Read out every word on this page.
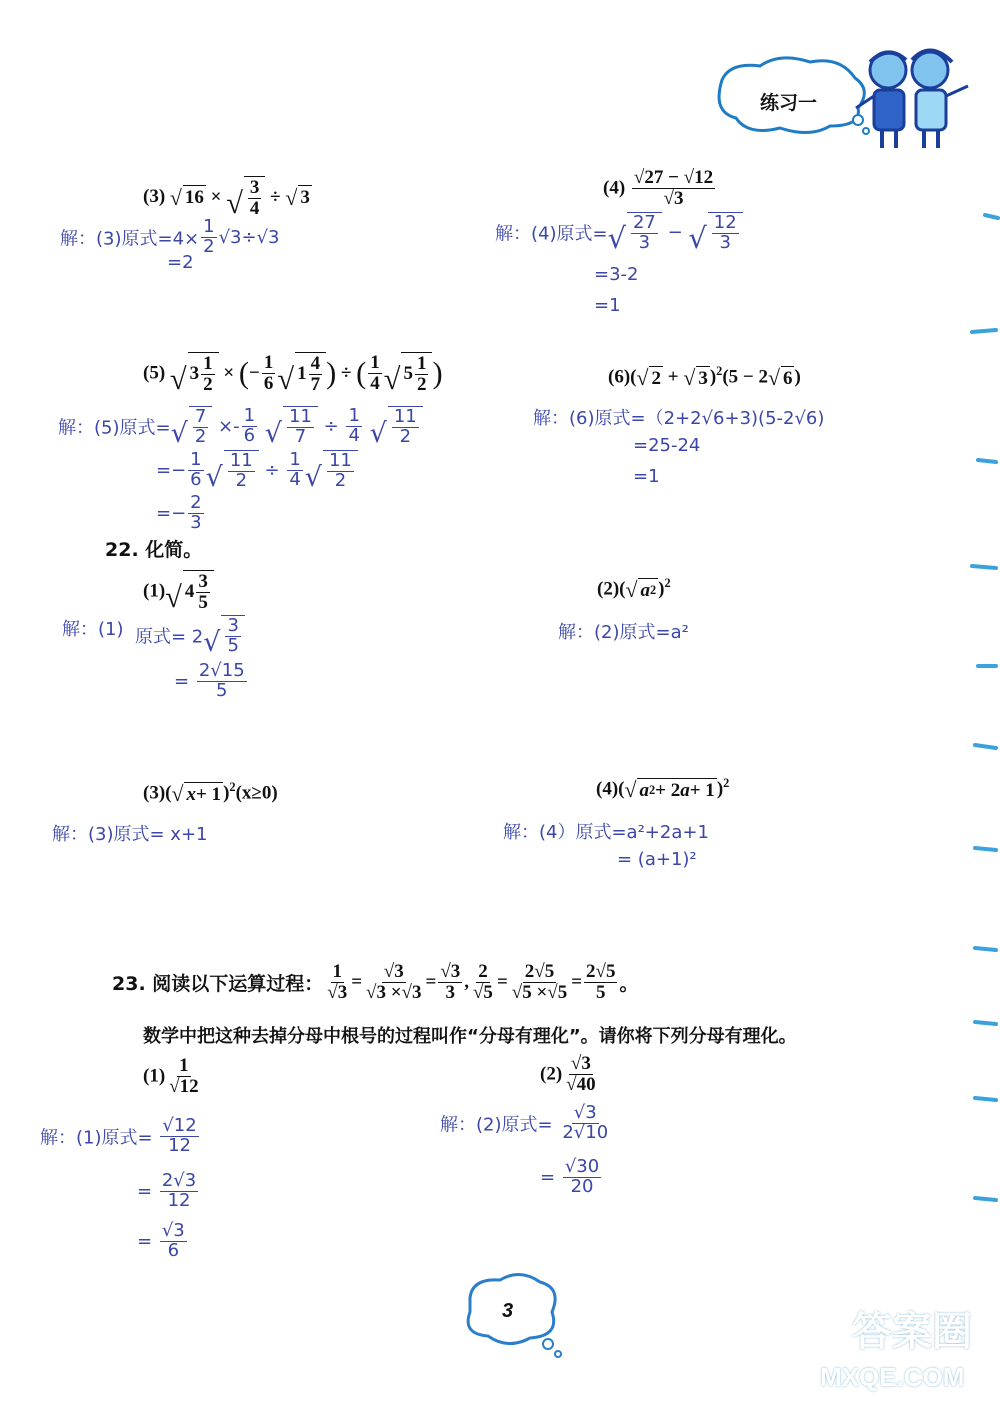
练习一
(3) √ 16 × √ $\frac{3}{4}$ ÷ √ 3
解：(3)原式$=4\times \frac{1}{2} √3\div√3$
=2
$(4) \frac{√27 - √12}{√3}$
解：(4)原式= √ $\frac{27}{3}$ − √ $\frac{12}{3}$
=3-2
=1
(5) √ $3 \frac{1}{2}$ × (− $\frac{1}{6}$ √ $1 \frac{4}{7}$ ) ÷ ( $\frac{1}{4}$ √ $5 \frac{1}{2}$ )
解：(5)原式= √ $\frac{7}{2} \times- \frac{1}{6}$
√ $\frac{11}{7} \div \frac{1}{4}$
√ $\frac{11}{2}$
=− $\frac{1}{6}$ √ $\frac{11}{2} \div \frac{1}{4}$ √ $\frac{11}{2}$
=− $\frac{2}{3}$
(6)( √ 2 + √ 3 )$^2$(5 − 2 √ 6 )
解：(6)原式=（2+2√6+3)(5-2√6)
=25-24
=1
22. 化简。
(1) √ $4 \frac{3}{5}$
解：(1) 原式= 2 √ $\frac{3}{5}$
= $\frac{2√15}{5}$
(2)( √ a 2 )$^2$
解：(2)原式=a²
(3)( √ x + 1 )$^2$(x≥0)
解：(3)原式= x+1
(4)( √ a 2 + 2 a + 1 )$^2$
解：(4）原式=a²+2a+1
= (a+1)²
23. 阅读以下运算过程： $\frac{1}{√3} = \frac{√3}{√3 \times√3} = \frac{√3}{3}$ , $\frac{2}{√5} = \frac{2√5}{√5 \times√5} = \frac{2√5}{5}$ 。
数学中把这种去掉分母中根号的过程叫作“分母有理化”。请你将下列分母有理化。
$(1) \frac{1}{√12}$
解：(1)原式= $\frac{√12}{12}$
= $\frac{2√3}{12}$
= $\frac{√3}{6}$
$(2) \frac{√3}{√40}$
解：(2)原式= $\frac{√3}{2√10}$
= $\frac{√30}{20}$
3	答案圈
MXQE.COM
